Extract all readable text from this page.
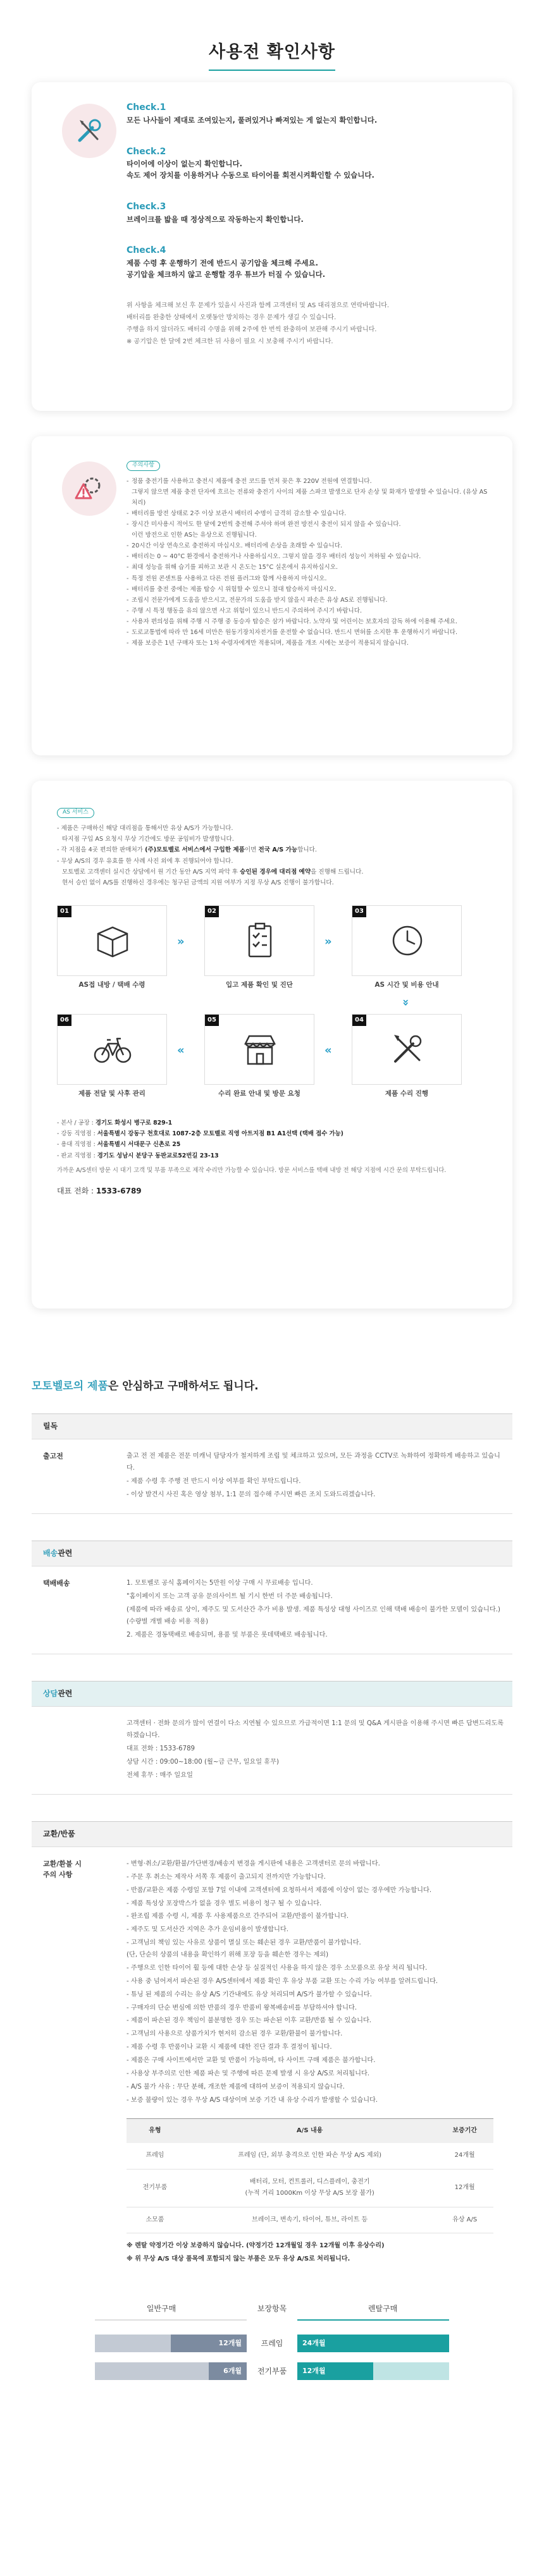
사용전 확인사항
Check.1
모든 나사들이 제대로 조여있는지, 풀려있거나 빠져있는 게 없는지 확인합니다.
Check.2
타이어에 이상이 없는지 확인합니다.
속도 제어 장치를 이용하거나 수동으로 타이어를 회전시켜확인할 수 있습니다.
Check.3
브레이크를 밟을 때 정상적으로 작동하는지 확인합니다.
Check.4
제품 수령 후 운행하기 전에 반드시 공기압을 체크해 주세요.
공기압을 체크하지 않고 운행할 경우 튜브가 터질 수 있습니다.

위 사항을 체크해 보신 후 문제가 있을시 사진과 함께 고객센터 및 AS 대리점으로 연락바랍니다.

배터리를 완충한 상태에서 오랫동안 방치하는 경우 문제가 생길 수 있습니다.

주행을 하지 않더라도 배터리 수명을 위해 2주에 한 번씩 완충하여 보관해 주시기 바랍니다.

※ 공기압은 한 달에 2번 체크한 뒤 사용이 필요 시 보충해 주시기 바랍니다.

주의사항
- 정품 충전기를 사용하고 충전시 제품에 충전 코드를 먼저 꽂은 후 220V 전원에 연결합니다.
그렇지 않으면 제품 충전 단자에 흐르는 전류와 충전기 사이의 제품 스파크 발생으로 단자 손상 및 화재가 발생할 수 있습니다. (유상 AS 처리)
- 배터리를 방전 상태로 2주 이상 보관시 배터리 수명이 급격히 감소할 수 있습니다.
- 장시간 미사용시 적어도 한 달에 2번씩 충전해 주셔야 하며 완전 방전시 충전이 되지 않을 수 있습니다.
이런 방전으로 인한 AS는 유상으로 진행됩니다.
- 20시간 이상 연속으로 충전하지 마십시오. 배터리에 손상을 초래할 수 있습니다.
- 배터리는 0 ~ 40°C 환경에서 충전하거나 사용하십시오. 그렇지 않을 경우 배터리 성능이 저하될 수 있습니다.
- 최대 성능을 위해 습기를 피하고 보관 시 온도는 15°C 실온에서 유지하십시오.
- 특정 전원 콘센트를 사용하고 다른 전원 플러그와 함께 사용하지 마십시오.
- 배터리를 충전 중에는 제품 탑승 시 위험할 수 있으니 절대 탑승하지 마십시오.
- 조립시 전문가에게 도움을 받으시고, 전문가의 도움을 받지 않을시 파손은 유상 AS로 진행됩니다.
- 주행 시 특정 행동을 유의 않으면 사고 위험이 있으니 반드시 주의하여 주시기 바랍니다.
- 사용자 편의성을 위해 주행 시 주행 중 동승자 탑승은 삼가 바랍니다. 노약자 및 어린이는 보호자의 감독 하에 이용해 주세요.
- 도로교통법에 따라 만 16세 미만은 원동기장치자전거를 운전할 수 없습니다. 반드시 면허를 소지한 후 운행하시기 바랍니다.
- 제품 보증은 1년 구매자 또는 1차 수령자에게만 적용되며, 제품을 개조 시에는 보증이 적용되지 않습니다.
AS 서비스

- 제품은 구매하신 해당 대리점을 통해서만 유상 A/S가 가능합니다.

타지점 구입 AS 요청시 무상 기간에도 방문 공임비가 발생합니다.

- 각 지점을 4곳 편의한 판매처가 (주)모토벨로 서비스에서 구입한 제품이면 전국 A/S 가능합니다.

- 무상 A/S의 경우 유효를 한 사례 사진 외에 후 진행되어야 합니다.

모토벨로 고객센터 실시간 상담에서 원 기간 동안 A/S 지역 파악 후 승인된 경우에 대리점 예약을 진행해 드립니다.

현서 승인 없이 A/S를 진행하신 경우에는 청구된 금액의 지원 여부가 지정 무상 A/S 진행이 불가합니다.

01
AS접 내방 / 택배 수령
»
02
입고 제품 확인 및 진단
»
03
AS 시간 및 비용 안내
»
04
제품 수리 진행
«
05
수리 완료 안내 및 방문 요청
«
06
제품 전달 및 사후 관리
- 본사 / 공장 : 경기도 화성시 병구로 829-1
- 강동 직영점 : 서울특별시 강동구 천호대로 1087-2층 모토벨로 직영 아트지점 B1 A1선택 (택배 접수 가능)
- 용대 직영점 : 서울특별시 서대문구 신촌로 25
- 판교 직영점 : 경기도 성남시 분당구 동판교로52번길 23-13

가까운 A/S센터 방문 시 대기 고객 및 부품 부족으로 제작 수리만 가능할 수 있습니다. 방문 서비스를 택배 내방 전 해당 지점에 시간 문의 부탁드립니다.

대표 전화 : 1533-6789

모토벨로의 제품은 안심하고 구매하셔도 됩니다.
릴독
출고전	출고 전 전 제품은 전문 미캐닉 담당자가 철저하게 조립 및 체크하고 있으며, 모든 과정을 CCTV로 녹화하여 정확하게 배송하고 있습니다.

- 제품 수령 후 주행 전 반드시 이상 여부를 확인 부탁드립니다.

- 이상 발견시 사진 혹은 영상 첨부, 1:1 문의 접수해 주시면 빠른 조치 도와드리겠습니다.

배송관련
택배배송	1. 모토벨로 공식 홈페이지는 5만원 이상 구매 시 무료배송 입니다.

"홈이페이지 또는 고객 공유 문의사이트 될 기시 한번 더 주문 배송됩니다.

(제품에 따라 배송료 상이, 제주도 및 도서산간 추가 비용 발생. 제품 특성상 대형 사이즈로 인해 택배 배송이 불가한 모델이 있습니다.) (수량별 개별 배송 비용 적용)

2. 제품은 경동택배로 배송되며, 용품 및 부품은 롯데택배로 배송됩니다.

상담관련

고객센터 · 전화 문의가 많이 연결이 다소 지연될 수 있으므로 가급적이면 1:1 문의 및 Q&A 게시판을 이용해 주시면 빠른 답변드리도록 하겠습니다.

대표 전화 : 1533-6789

상담 시간 : 09:00~18:00 (월~금 근무, 일요일 휴무)

전체 휴무 : 매주 일요일

교환/반품
교환/환불 시
주의 사항

- 변형·취소/교환/환불/가단변경/배송지 변경을 게시판에 내용은 고객센터로 문의 바랍니다.

- 주문 후 취소는 제작사 서쪽 후 제품이 출고되지 전까지만 가능합니다.

- 반품/교환은 제품 수령일 포함 7일 이내에 고객센터에 요청하셔서 제품에 이상이 없는 경우에만 가능합니다.

- 제품 특성상 포장박스가 없을 경우 별도 비용이 청구 될 수 있습니다.

- 완조립 제품 수령 시, 제품 후 사용제품으로 간주되어 교환/반품이 불가합니다.

- 제주도 및 도서산간 지역은 추가 운임비용이 발생합니다.

- 고객님의 책임 있는 사유로 상품이 멸실 또는 훼손된 경우 교환/반품이 불가합니다.
(단, 단순히 상품의 내용을 확인하기 위해 포장 등을 훼손한 경우는 제외)

- 주행으로 인한 타이어 휠 등에 대한 손상 등 실질적인 사용을 하지 않은 경우 소모품으로 유상 처리 됩니다.

- 사용 중 넘어져서 파손된 경우 A/S센터에서 제품 확인 후 유상 부품 교환 또는 수리 가능 여부를 알려드립니다.

- 튜닝 된 제품의 수리는 유상 A/S 기간내에도 유상 처리되며 A/S가 불가할 수 있습니다.

- 구매자의 단순 변심에 의한 반품의 경우 반품비 왕복배송비를 부담하셔야 합니다.

- 제품이 파손된 경우 책임이 불분명한 경우 또는 파손된 이후 교환/반품 될 수 있습니다.

- 고객님의 사용으로 상품가치가 현저히 감소된 경우 교환/환불이 불가합니다.

- 제품 수령 후 반품이나 교환 시 제품에 대한 진단 결과 후 결정이 됩니다.

- 제품은 구매 사이트에서만 교환 및 반품이 가능하며, 타 사이트 구매 제품은 불가합니다.

- 사용상 부주의로 인한 제품 파손 및 주행에 따른 문제 발생 시 유상 A/S로 처리됩니다.

- A/S 불가 사유 : 무단 분해, 개조한 제품에 대하여 보증이 적용되지 않습니다.

- 보증 불량이 있는 경우 무상 A/S 대상이며 보증 기간 내 유상 수리가 발생할 수 있습니다.

유형	A/S 내용	보증기간
프레임	프레임 (단, 외부 충격으로 인한 파손 무상 A/S 제외)	24개월
전기부품	배터리, 모터, 컨트롤러, 디스플레이, 충전기
(누적 거리 1000Km 이상 무상 A/S 보장 불가)	12개월
소모품	브레이크, 변속기, 타이어, 튜브, 라이트 등	유상 A/S

※ 렌탈 약정기간 이상 보증하지 않습니다. (약정기간 12개월일 경우 12개월 이후 유상수리)

※ 위 무상 A/S 대상 품목에 포함되지 않는 부품은 모두 유상 A/S로 처리됩니다.

일반구매	보장항목	렌탈구매
12개월	프레임	24개월
6개월	전기부품	12개월
